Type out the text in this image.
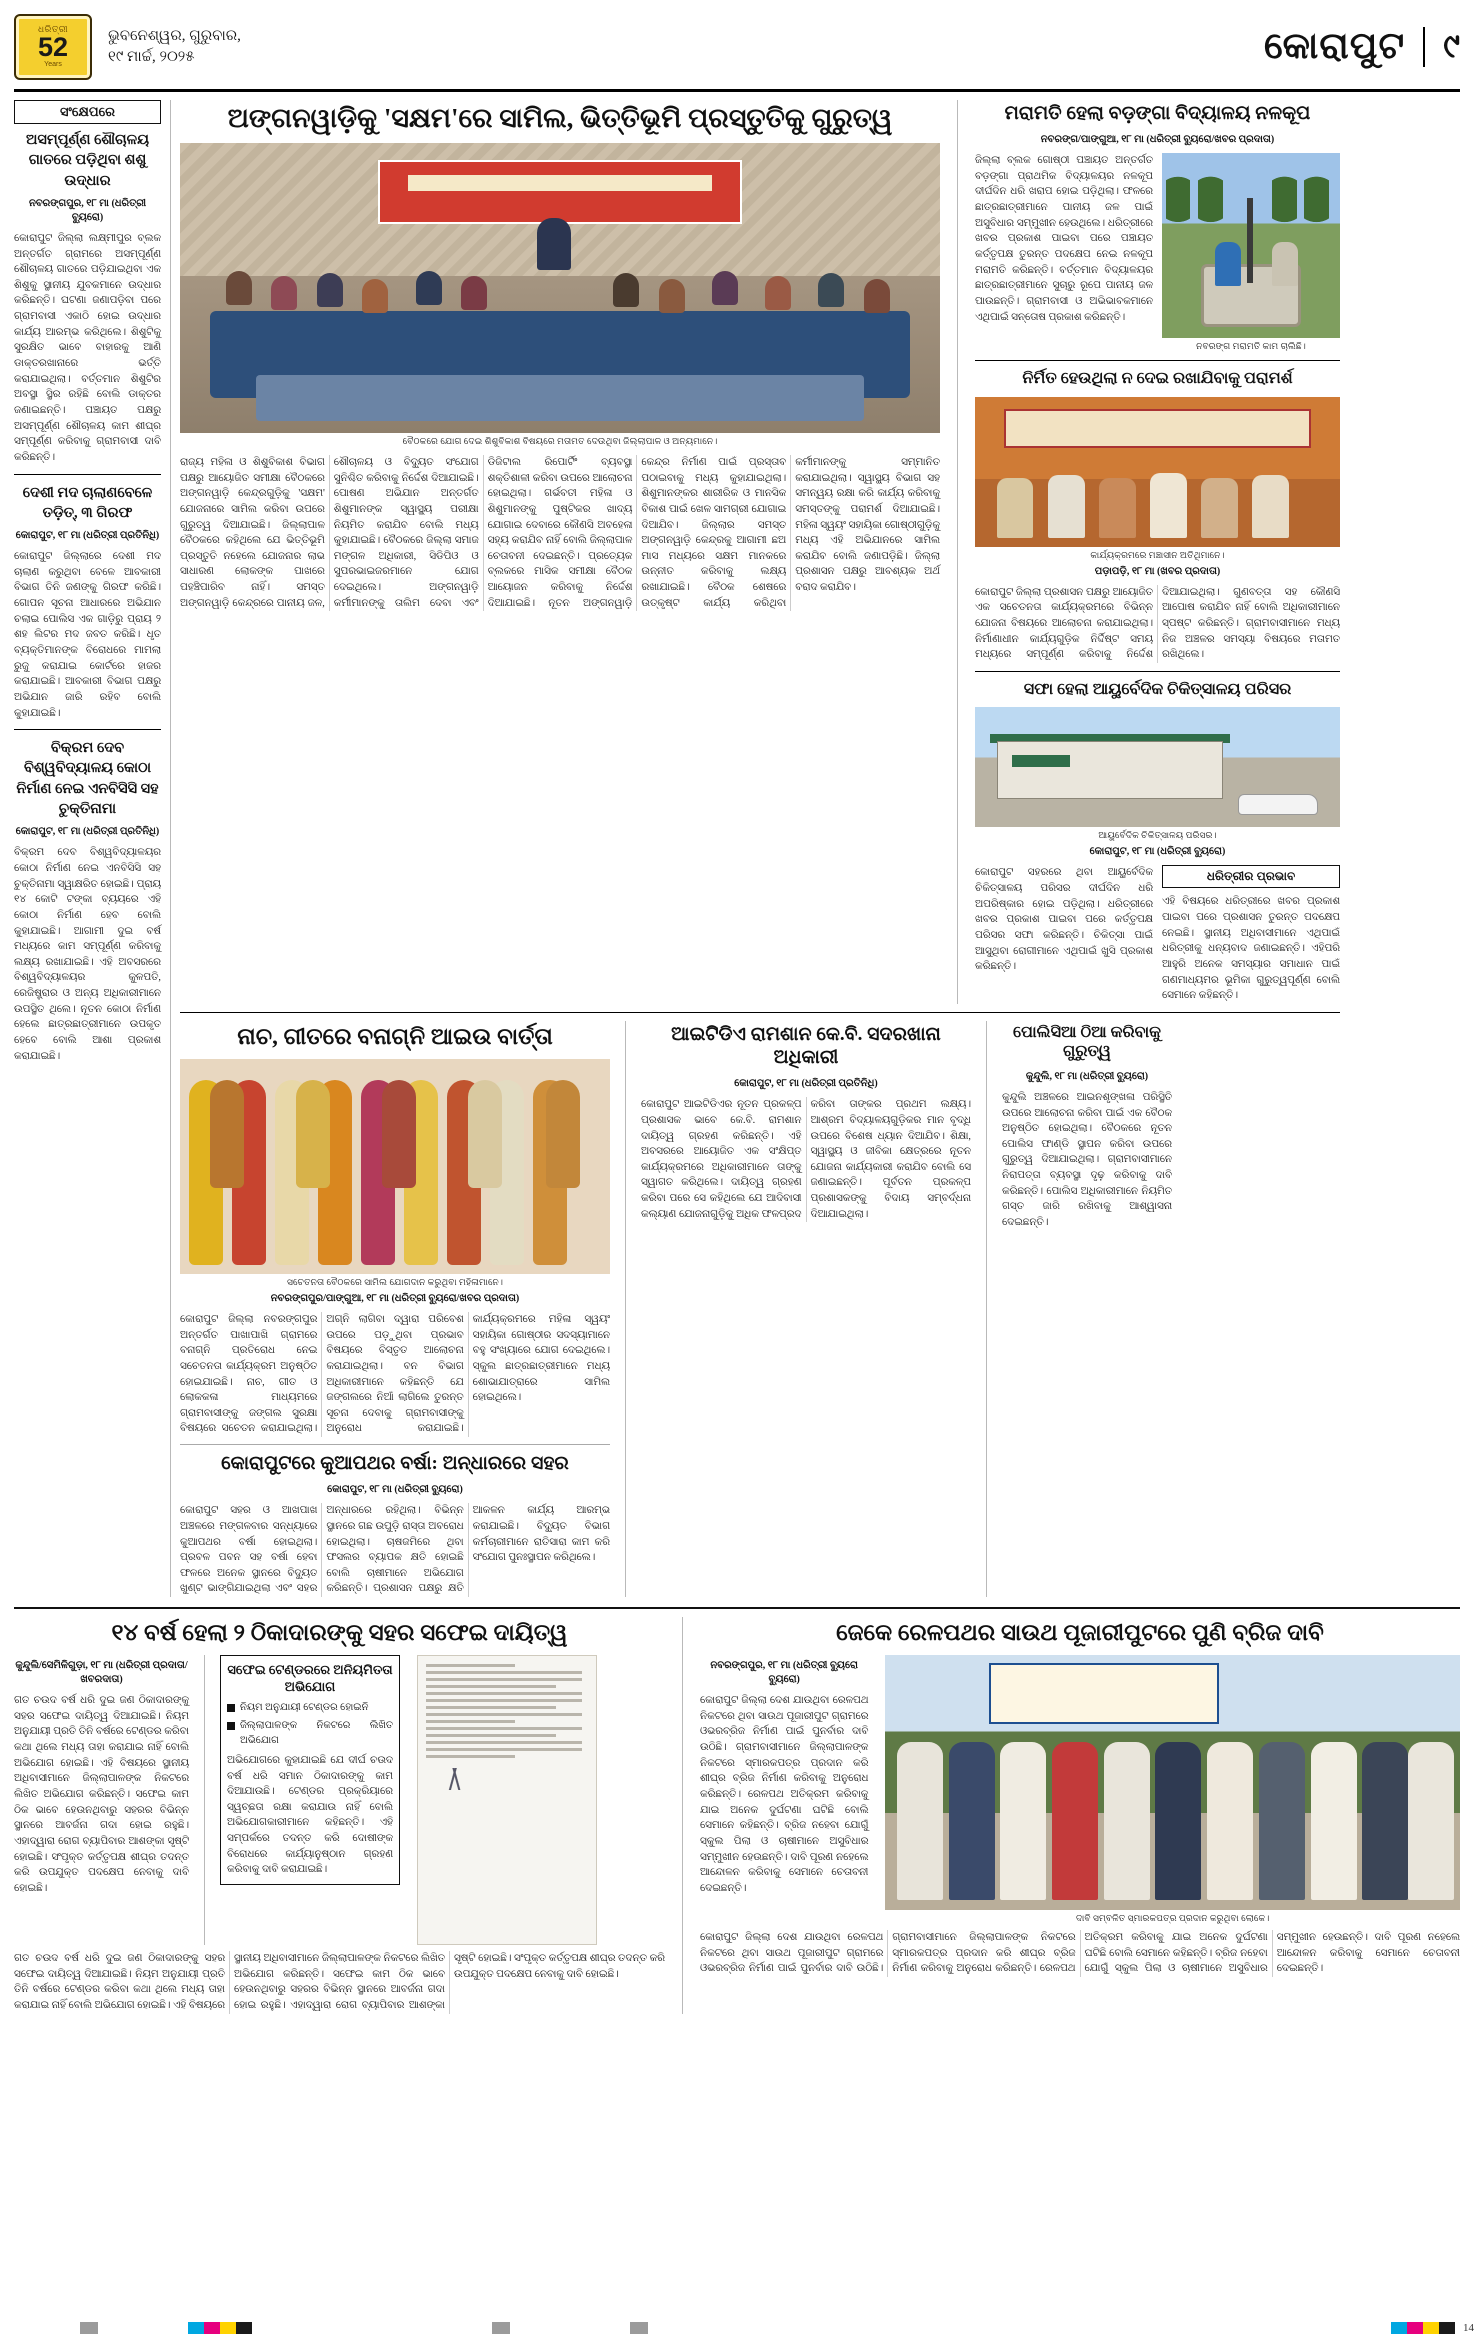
ଧରିତ୍ରୀ
52
Years
ଭୁବନେଶ୍ୱର, ଗୁରୁବାର,
୧୯ ମାର୍ଚ୍ଚ, ୨୦୨୫	କୋରାପୁଟ ୯
ସଂକ୍ଷେପରେ
ଅସମ୍ପୂର୍ଣ୍ଣ ଶୌଚାଳୟ ଗାତରେ ପଡ଼ିଥିବା ଶଶୁ ଉଦ୍ଧାର
ନବରଙ୍ଗପୁର, ୧୮ ମା (ଧରିତ୍ରୀ ବ୍ୟୁରୋ)
କୋରାପୁଟ ଜିଲ୍ଲା ଲକ୍ଷ୍ମୀପୁର ବ୍ଲକ ଅନ୍ତର୍ଗତ ଗ୍ରାମରେ ଅସମ୍ପୂର୍ଣ୍ଣ ଶୌଚାଳୟ ଗାତରେ ପଡ଼ିଯାଇଥିବା ଏକ ଶିଶୁକୁ ସ୍ଥାନୀୟ ଯୁବକମାନେ ଉଦ୍ଧାର କରିଛନ୍ତି। ଘଟଣା ଜଣାପଡ଼ିବା ପରେ ଗ୍ରାମବାସୀ ଏକାଠି ହୋଇ ଉଦ୍ଧାର କାର୍ଯ୍ୟ ଆରମ୍ଭ କରିଥିଲେ। ଶିଶୁଟିକୁ ସୁରକ୍ଷିତ ଭାବେ ବାହାରକୁ ଆଣି ଡାକ୍ତରଖାନାରେ ଭର୍ତ୍ତି କରାଯାଇଥିଲା। ବର୍ତ୍ତମାନ ଶିଶୁଟିର ଅବସ୍ଥା ସ୍ଥିର ରହିଛି ବୋଲି ଡାକ୍ତର ଜଣାଇଛନ୍ତି। ପଞ୍ଚାୟତ ପକ୍ଷରୁ ଅସମ୍ପୂର୍ଣ୍ଣ ଶୌଚାଳୟ କାମ ଶୀଘ୍ର ସମ୍ପୂର୍ଣ୍ଣ କରିବାକୁ ଗ୍ରାମବାସୀ ଦାବି କରିଛନ୍ତି।
ଦେଶୀ ମଦ ଚାଲାଣବେଳେ ତଡ଼ିତ୍, ୩ ଗିରଫ
କୋରାପୁଟ, ୧୮ ମା (ଧରିତ୍ରୀ ପ୍ରତିନିଧି)
କୋରାପୁଟ ଜିଲ୍ଲାରେ ଦେଶୀ ମଦ ଚାଲାଣ କରୁଥିବା ବେଳେ ଆବକାରୀ ବିଭାଗ ତିନି ଜଣଙ୍କୁ ଗିରଫ କରିଛି। ଗୋପନ ସୂଚନା ଆଧାରରେ ଅଭିଯାନ ଚଲାଇ ପୋଲିସ ଏକ ଗାଡ଼ିରୁ ପ୍ରାୟ ୨ ଶହ ଲିଟର ମଦ ଜବତ କରିଛି। ଧୃତ ବ୍ୟକ୍ତିମାନଙ୍କ ବିରୋଧରେ ମାମଲା ରୁଜୁ କରାଯାଇ କୋର୍ଟରେ ହାଜର କରାଯାଇଛି। ଆବକାରୀ ବିଭାଗ ପକ୍ଷରୁ ଅଭିଯାନ ଜାରି ରହିବ ବୋଲି କୁହାଯାଇଛି।
ବିକ୍ରମ ଦେବ ବିଶ୍ୱବିଦ୍ୟାଳୟ କୋଠା ନିର୍ମାଣ ନେଇ ଏନବିସିସି ସହ ଚୁକ୍ତିନାମା
କୋରାପୁଟ, ୧୮ ମା (ଧରିତ୍ରୀ ପ୍ରତିନିଧି)
ବିକ୍ରମ ଦେବ ବିଶ୍ୱବିଦ୍ୟାଳୟର କୋଠା ନିର୍ମାଣ ନେଇ ଏନବିସିସି ସହ ଚୁକ୍ତିନାମା ସ୍ୱାକ୍ଷରିତ ହୋଇଛି। ପ୍ରାୟ ୧୪ କୋଟି ଟଙ୍କା ବ୍ୟୟରେ ଏହି କୋଠା ନିର୍ମାଣ ହେବ ବୋଲି କୁହାଯାଇଛି। ଆଗାମୀ ଦୁଇ ବର୍ଷ ମଧ୍ୟରେ କାମ ସମ୍ପୂର୍ଣ୍ଣ କରିବାକୁ ଲକ୍ଷ୍ୟ ରଖାଯାଇଛି। ଏହି ଅବସରରେ ବିଶ୍ୱବିଦ୍ୟାଳୟର କୁଳପତି, ରେଜିଷ୍ଟ୍ରାର ଓ ଅନ୍ୟ ଅଧିକାରୀମାନେ ଉପସ୍ଥିତ ଥିଲେ। ନୂତନ କୋଠା ନିର୍ମାଣ ହେଲେ ଛାତ୍ରଛାତ୍ରୀମାନେ ଉପକୃତ ହେବେ ବୋଲି ଆଶା ପ୍ରକାଶ କରାଯାଇଛି।
ଅଙ୍ଗନୱାଡ଼ିକୁ 'ସକ୍ଷମ'ରେ ସାମିଲ, ଭିତ୍ତିଭୂମି ପ୍ରସ୍ତୁତିକୁ ଗୁରୁତ୍ୱ
ବୈଠକରେ ଯୋଗ ଦେଇ ଶିଶୁବିକାଶ ବିଷୟରେ ମତାମତ ଦେଉଥିବା ଜିଲ୍ଲାପାଳ ଓ ଅନ୍ୟମାନେ।
ରାଜ୍ୟ ମହିଳା ଓ ଶିଶୁବିକାଶ ବିଭାଗ ପକ୍ଷରୁ ଆୟୋଜିତ ସମୀକ୍ଷା ବୈଠକରେ ଅଙ୍ଗନୱାଡ଼ି କେନ୍ଦ୍ରଗୁଡ଼ିକୁ 'ସକ୍ଷମ' ଯୋଜନାରେ ସାମିଲ କରିବା ଉପରେ ଗୁରୁତ୍ୱ ଦିଆଯାଇଛି। ଜିଲ୍ଲାପାଳ ବୈଠକରେ କହିଥିଲେ ଯେ ଭିତ୍ତିଭୂମି ପ୍ରସ୍ତୁତି ନହେଲେ ଯୋଜନାର ଲାଭ ସାଧାରଣ ଲୋକଙ୍କ ପାଖରେ ପହଞ୍ଚିପାରିବ ନାହିଁ। ସମସ୍ତ ଅଙ୍ଗନୱାଡ଼ି କେନ୍ଦ୍ରରେ ପାନୀୟ ଜଳ, ଶୌଚାଳୟ ଓ ବିଦ୍ୟୁତ ସଂଯୋଗ ସୁନିଶ୍ଚିତ କରିବାକୁ ନିର୍ଦ୍ଦେଶ ଦିଆଯାଇଛି। ପୋଷଣ ଅଭିଯାନ ଅନ୍ତର୍ଗତ ଶିଶୁମାନଙ୍କ ସ୍ୱାସ୍ଥ୍ୟ ପରୀକ୍ଷା ନିୟମିତ କରାଯିବ ବୋଲି ମଧ୍ୟ କୁହାଯାଇଛି। ବୈଠକରେ ଜିଲ୍ଲା ସମାଜ ମଙ୍ଗଳ ଅଧିକାରୀ, ସିଡିପିଓ ଓ ସୁପରଭାଇଜରମାନେ ଯୋଗ ଦେଇଥିଲେ। ଅଙ୍ଗନୱାଡ଼ି କର୍ମୀମାନଙ୍କୁ ତାଲିମ ଦେବା ଏବଂ ଡିଜିଟାଲ ରିପୋର୍ଟିଂ ବ୍ୟବସ୍ଥା ଶକ୍ତିଶାଳୀ କରିବା ଉପରେ ଆଲୋଚନା ହୋଇଥିଲା। ଗର୍ଭବତୀ ମହିଳା ଓ ଶିଶୁମାନଙ୍କୁ ପୁଷ୍ଟିକର ଖାଦ୍ୟ ଯୋଗାଇ ଦେବାରେ କୌଣସି ଅବହେଳା ସହ୍ୟ କରାଯିବ ନାହିଁ ବୋଲି ଜିଲ୍ଲାପାଳ ଚେତାବନୀ ଦେଇଛନ୍ତି। ପ୍ରତ୍ୟେକ ବ୍ଲକରେ ମାସିକ ସମୀକ୍ଷା ବୈଠକ ଆୟୋଜନ କରିବାକୁ ନିର୍ଦ୍ଦେଶ ଦିଆଯାଇଛି। ନୂତନ ଅଙ୍ଗନୱାଡ଼ି କେନ୍ଦ୍ର ନିର୍ମାଣ ପାଇଁ ପ୍ରସ୍ତାବ ପଠାଇବାକୁ ମଧ୍ୟ କୁହାଯାଇଥିଲା। ଶିଶୁମାନଙ୍କର ଶାରୀରିକ ଓ ମାନସିକ ବିକାଶ ପାଇଁ ଖେଳ ସାମଗ୍ରୀ ଯୋଗାଇ ଦିଆଯିବ। ଜିଲ୍ଲାର ସମସ୍ତ ଅଙ୍ଗନୱାଡ଼ି କେନ୍ଦ୍ରକୁ ଆଗାମୀ ଛଅ ମାସ ମଧ୍ୟରେ ସକ୍ଷମ ମାନକରେ ଉନ୍ନୀତ କରିବାକୁ ଲକ୍ଷ୍ୟ ରଖାଯାଇଛି। ବୈଠକ ଶେଷରେ ଉତ୍କୃଷ୍ଟ କାର୍ଯ୍ୟ କରିଥିବା କର୍ମୀମାନଙ୍କୁ ସମ୍ମାନିତ କରାଯାଇଥିଲା। ସ୍ୱାସ୍ଥ୍ୟ ବିଭାଗ ସହ ସମନ୍ୱୟ ରକ୍ଷା କରି କାର୍ଯ୍ୟ କରିବାକୁ ସମସ୍ତଙ୍କୁ ପରାମର୍ଶ ଦିଆଯାଇଛି। ମହିଳା ସ୍ୱୟଂ ସହାୟିକା ଗୋଷ୍ଠୀଗୁଡ଼ିକୁ ମଧ୍ୟ ଏହି ଅଭିଯାନରେ ସାମିଲ କରାଯିବ ବୋଲି ଜଣାପଡ଼ିଛି। ଜିଲ୍ଲା ପ୍ରଶାସନ ପକ୍ଷରୁ ଆବଶ୍ୟକ ଅର୍ଥ ବରାଦ କରାଯିବ।
ମରାମତି ହେଲା ବଡ଼ଙ୍ଗା ବିଦ୍ୟାଳୟ ନଳକୂପ
ନବରଙ୍ଗ/ପାଙ୍ଗୁଆ, ୧୮ ମା (ଧରିତ୍ରୀ ବ୍ୟୁରୋ/ଖବର ପ୍ରଦାତା)
ଜିଲ୍ଲା ବ୍ଲକ ଗୋଷ୍ଠୀ ପଞ୍ଚାୟତ ଅନ୍ତର୍ଗତ ବଡ଼ଙ୍ଗା ପ୍ରାଥମିକ ବିଦ୍ୟାଳୟର ନଳକୂପ ଦୀର୍ଘଦିନ ଧରି ଖରାପ ହୋଇ ପଡ଼ିଥିଲା। ଫଳରେ ଛାତ୍ରଛାତ୍ରୀମାନେ ପାନୀୟ ଜଳ ପାଇଁ ଅସୁବିଧାର ସମ୍ମୁଖୀନ ହେଉଥିଲେ। ଧରିତ୍ରୀରେ ଖବର ପ୍ରକାଶ ପାଇବା ପରେ ପଞ୍ଚାୟତ କର୍ତ୍ତୃପକ୍ଷ ତୁରନ୍ତ ପଦକ୍ଷେପ ନେଇ ନଳକୂପ ମରାମତି କରିଛନ୍ତି। ବର୍ତ୍ତମାନ ବିଦ୍ୟାଳୟର ଛାତ୍ରଛାତ୍ରୀମାନେ ସୁଚାରୁ ରୂପେ ପାନୀୟ ଜଳ ପାଉଛନ୍ତି। ଗ୍ରାମବାସୀ ଓ ଅଭିଭାବକମାନେ ଏଥିପାଇଁ ସନ୍ତୋଷ ପ୍ରକାଶ କରିଛନ୍ତି।
ନବରଙ୍ଗ ମରାମତି କାମ ଚାଲିଛି।
ନିର୍ମିତ ହେଉଥିଲା ନ ଦେଇ ରଖାଯିବାକୁ ପରାମର୍ଶ
କାର୍ଯ୍ୟକ୍ରମରେ ମଞ୍ଚାସୀନ ଅତିଥିମାନେ।
ପଡ଼ାପଡ଼ି, ୧୮ ମା (ଖବର ପ୍ରଦାତା)
କୋରାପୁଟ ଜିଲ୍ଲା ପ୍ରଶାସନ ପକ୍ଷରୁ ଆୟୋଜିତ ଏକ ସଚେତନତା କାର୍ଯ୍ୟକ୍ରମରେ ବିଭିନ୍ନ ଯୋଜନା ବିଷୟରେ ଆଲୋଚନା କରାଯାଇଥିଲା। ନିର୍ମାଣାଧୀନ କାର୍ଯ୍ୟଗୁଡ଼ିକ ନିର୍ଦ୍ଦିଷ୍ଟ ସମୟ ମଧ୍ୟରେ ସମ୍ପୂର୍ଣ୍ଣ କରିବାକୁ ନିର୍ଦ୍ଦେଶ ଦିଆଯାଇଥିଲା। ଗୁଣବତ୍ତା ସହ କୌଣସି ଆପୋଷ କରାଯିବ ନାହିଁ ବୋଲି ଅଧିକାରୀମାନେ ସ୍ପଷ୍ଟ କରିଛନ୍ତି। ଗ୍ରାମବାସୀମାନେ ମଧ୍ୟ ନିଜ ଅଞ୍ଚଳର ସମସ୍ୟା ବିଷୟରେ ମତାମତ ରଖିଥିଲେ।
ସଫା ହେଲା ଆୟୁର୍ବେଦିକ ଚିକିତ୍ସାଳୟ ପରିସର
ଆୟୁର୍ବେଦିକ ଚିକିତ୍ସାଳୟ ପରିସର।
କୋରାପୁଟ, ୧୮ ମା (ଧରିତ୍ରୀ ବ୍ୟୁରୋ)
କୋରାପୁଟ ସହରରେ ଥିବା ଆୟୁର୍ବେଦିକ ଚିକିତ୍ସାଳୟ ପରିସର ଦୀର୍ଘଦିନ ଧରି ଅପରିଷ୍କାର ହୋଇ ପଡ଼ିଥିଲା। ଧରିତ୍ରୀରେ ଖବର ପ୍ରକାଶ ପାଇବା ପରେ କର୍ତ୍ତୃପକ୍ଷ ପରିସର ସଫା କରିଛନ୍ତି। ଚିକିତ୍ସା ପାଇଁ ଆସୁଥିବା ରୋଗୀମାନେ ଏଥିପାଇଁ ଖୁସି ପ୍ରକାଶ କରିଛନ୍ତି।
ଧରିତ୍ରୀର ପ୍ରଭାବ
ଏହି ବିଷୟରେ ଧରିତ୍ରୀରେ ଖବର ପ୍ରକାଶ ପାଇବା ପରେ ପ୍ରଶାସନ ତୁରନ୍ତ ପଦକ୍ଷେପ ନେଇଛି। ସ୍ଥାନୀୟ ଅଧିବାସୀମାନେ ଏଥିପାଇଁ ଧରିତ୍ରୀକୁ ଧନ୍ୟବାଦ ଜଣାଇଛନ୍ତି। ଏହିପରି ଆହୁରି ଅନେକ ସମସ୍ୟାର ସମାଧାନ ପାଇଁ ଗଣମାଧ୍ୟମର ଭୂମିକା ଗୁରୁତ୍ୱପୂର୍ଣ୍ଣ ବୋଲି ସେମାନେ କହିଛନ୍ତି।
ନାଚ, ଗୀତରେ ବନାଗ୍ନି ଆଇଉ ବାର୍ତ୍ତା
ସଚେତନତା ବୈଠକରେ ସାମିଲ ଯୋଗଦାନ କରୁଥିବା ମହିଳାମାନେ।
ନବରଙ୍ଗପୁର/ପାଙ୍ଗୁଆ, ୧୮ ମା (ଧରିତ୍ରୀ ବ୍ୟୁରୋ/ଖବର ପ୍ରଦାତା)
କୋରାପୁଟ ଜିଲ୍ଲା ନବରଙ୍ଗପୁର ଅନ୍ତର୍ଗତ ପାଖାପାଖି ଗ୍ରାମରେ ବନାଗ୍ନି ପ୍ରତିରୋଧ ନେଇ ସଚେତନତା କାର୍ଯ୍ୟକ୍ରମ ଅନୁଷ୍ଠିତ ହୋଇଯାଇଛି। ନାଚ, ଗୀତ ଓ ଲୋକକଳା ମାଧ୍ୟମରେ ଗ୍ରାମବାସୀଙ୍କୁ ଜଙ୍ଗଲ ସୁରକ୍ଷା ବିଷୟରେ ସଚେତନ କରାଯାଇଥିଲା। ଅଗ୍ନି ଲାଗିବା ଦ୍ୱାରା ପରିବେଶ ଉପରେ ପଡ଼ୁଥିବା ପ୍ରଭାବ ବିଷୟରେ ବିସ୍ତୃତ ଆଲୋଚନା କରାଯାଇଥିଲା। ବନ ବିଭାଗ ଅଧିକାରୀମାନେ କହିଛନ୍ତି ଯେ ଜଙ୍ଗଲରେ ନିଆଁ ଲାଗିଲେ ତୁରନ୍ତ ସୂଚନା ଦେବାକୁ ଗ୍ରାମବାସୀଙ୍କୁ ଅନୁରୋଧ କରାଯାଇଛି। କାର୍ଯ୍ୟକ୍ରମରେ ମହିଳା ସ୍ୱୟଂ ସହାୟିକା ଗୋଷ୍ଠୀର ସଦସ୍ୟାମାନେ ବହୁ ସଂଖ୍ୟାରେ ଯୋଗ ଦେଇଥିଲେ। ସ୍କୁଲ ଛାତ୍ରଛାତ୍ରୀମାନେ ମଧ୍ୟ ଶୋଭାଯାତ୍ରାରେ ସାମିଲ ହୋଇଥିଲେ।
କୋରାପୁଟରେ କୁଆପଥର ବର୍ଷା: ଅନ୍ଧାରରେ ସହର
କୋରାପୁଟ, ୧୮ ମା (ଧରିତ୍ରୀ ବ୍ୟୁରୋ)
କୋରାପୁଟ ସହର ଓ ଆଖପାଖ ଅଞ୍ଚଳରେ ମଙ୍ଗଳବାର ସନ୍ଧ୍ୟାରେ କୁଆପଥର ବର୍ଷା ହୋଇଥିଲା। ପ୍ରବଳ ପବନ ସହ ବର୍ଷା ହେବା ଫଳରେ ଅନେକ ସ୍ଥାନରେ ବିଦ୍ୟୁତ ଖୁଣ୍ଟ ଭାଙ୍ଗିଯାଇଥିଲା ଏବଂ ସହର ଅନ୍ଧାରରେ ରହିଥିଲା। ବିଭିନ୍ନ ସ୍ଥାନରେ ଗଛ ଉପୁଡ଼ି ରାସ୍ତା ଅବରୋଧ ହୋଇଥିଲା। ଚାଷଜମିରେ ଥିବା ଫସଲର ବ୍ୟାପକ କ୍ଷତି ହୋଇଛି ବୋଲି ଚାଷୀମାନେ ଅଭିଯୋଗ କରିଛନ୍ତି। ପ୍ରଶାସନ ପକ୍ଷରୁ କ୍ଷତି ଆକଳନ କାର୍ଯ୍ୟ ଆରମ୍ଭ କରାଯାଇଛି। ବିଦ୍ୟୁତ ବିଭାଗ କର୍ମଚାରୀମାନେ ରାତିସାରା କାମ କରି ସଂଯୋଗ ପୁନଃସ୍ଥାପନ କରିଥିଲେ।
ଆଇଟିଡିଏ ରାମଶାନ କେ.ବି. ସଦରଖାନା ଅଧିକାରୀ
କୋରାପୁଟ, ୧୮ ମା (ଧରିତ୍ରୀ ପ୍ରତିନିଧି)
କୋରାପୁଟ ଆଇଟିଡିଏର ନୂତନ ପ୍ରକଳ୍ପ ପ୍ରଶାସକ ଭାବେ କେ.ବି. ରାମଶାନ ଦାୟିତ୍ୱ ଗ୍ରହଣ କରିଛନ୍ତି। ଏହି ଅବସରରେ ଆୟୋଜିତ ଏକ ସଂକ୍ଷିପ୍ତ କାର୍ଯ୍ୟକ୍ରମରେ ଅଧିକାରୀମାନେ ତାଙ୍କୁ ସ୍ୱାଗତ କରିଥିଲେ। ଦାୟିତ୍ୱ ଗ୍ରହଣ କରିବା ପରେ ସେ କହିଥିଲେ ଯେ ଆଦିବାସୀ କଲ୍ୟାଣ ଯୋଜନାଗୁଡ଼ିକୁ ଅଧିକ ଫଳପ୍ରଦ କରିବା ତାଙ୍କର ପ୍ରଥମ ଲକ୍ଷ୍ୟ। ଆଶ୍ରମ ବିଦ୍ୟାଳୟଗୁଡ଼ିକର ମାନ ବୃଦ୍ଧି ଉପରେ ବିଶେଷ ଧ୍ୟାନ ଦିଆଯିବ। ଶିକ୍ଷା, ସ୍ୱାସ୍ଥ୍ୟ ଓ ଜୀବିକା କ୍ଷେତ୍ରରେ ନୂତନ ଯୋଜନା କାର୍ଯ୍ୟକାରୀ କରାଯିବ ବୋଲି ସେ ଜଣାଇଛନ୍ତି। ପୂର୍ବତନ ପ୍ରକଳ୍ପ ପ୍ରଶାସକଙ୍କୁ ବିଦାୟ ସମ୍ବର୍ଦ୍ଧନା ଦିଆଯାଇଥିଲା।
ପୋଲିସିଆ ଠିଆ କରିବାକୁ ଗୁରୁତ୍ୱ
କୁନ୍ଦୁଲି, ୧୮ ମା (ଧରିତ୍ରୀ ବ୍ୟୁରୋ)
କୁନ୍ଦୁଲି ଅଞ୍ଚଳରେ ଆଇନଶୃଙ୍ଖଳା ପରିସ୍ଥିତି ଉପରେ ଆଲୋଚନା କରିବା ପାଇଁ ଏକ ବୈଠକ ଅନୁଷ୍ଠିତ ହୋଇଥିଲା। ବୈଠକରେ ନୂତନ ପୋଲିସ ଫାଣ୍ଡି ସ୍ଥାପନ କରିବା ଉପରେ ଗୁରୁତ୍ୱ ଦିଆଯାଇଥିଲା। ଗ୍ରାମବାସୀମାନେ ନିରାପତ୍ତା ବ୍ୟବସ୍ଥା ଦୃଢ଼ କରିବାକୁ ଦାବି କରିଛନ୍ତି। ପୋଲିସ ଅଧିକାରୀମାନେ ନିୟମିତ ଗସ୍ତ ଜାରି ରଖିବାକୁ ଆଶ୍ୱାସନା ଦେଇଛନ୍ତି।
୧୪ ବର୍ଷ ହେଲା ୨ ଠିକାଦାରଙ୍କୁ ସହର ସଫେଇ ଦାୟିତ୍ୱ
କୁନ୍ଦୁଲି/ସେମିଳିଗୁଡ଼ା, ୧୮ ମା (ଧରିତ୍ରୀ ପ୍ରଦାତା/ଖବରଦାତା)
ଗତ ଚଉଦ ବର୍ଷ ଧରି ଦୁଇ ଜଣ ଠିକାଦାରଙ୍କୁ ସହର ସଫେଇ ଦାୟିତ୍ୱ ଦିଆଯାଇଛି। ନିୟମ ଅନୁଯାୟୀ ପ୍ରତି ତିନି ବର୍ଷରେ ଟେଣ୍ଡର କରିବା କଥା ଥିଲେ ମଧ୍ୟ ତାହା କରାଯାଇ ନାହିଁ ବୋଲି ଅଭିଯୋଗ ହୋଇଛି। ଏହି ବିଷୟରେ ସ୍ଥାନୀୟ ଅଧିବାସୀମାନେ ଜିଲ୍ଲାପାଳଙ୍କ ନିକଟରେ ଲିଖିତ ଅଭିଯୋଗ କରିଛନ୍ତି। ସଫେଇ କାମ ଠିକ ଭାବେ ହେଉନଥିବାରୁ ସହରର ବିଭିନ୍ନ ସ୍ଥାନରେ ଆବର୍ଜନା ଗଦା ହୋଇ ରହୁଛି। ଏହାଦ୍ୱାରା ରୋଗ ବ୍ୟାପିବାର ଆଶଙ୍କା ସୃଷ୍ଟି ହୋଇଛି। ସଂପୃକ୍ତ କର୍ତ୍ତୃପକ୍ଷ ଶୀଘ୍ର ତଦନ୍ତ କରି ଉପଯୁକ୍ତ ପଦକ୍ଷେପ ନେବାକୁ ଦାବି ହୋଇଛି।
ସଫେଇ ଟେଣ୍ଡରରେ ଅନିୟମିତତା ଅଭିଯୋଗ
ନିୟମ ଅନୁଯାୟୀ ଟେଣ୍ଡର ହୋଇନି
ଜିଲ୍ଲାପାଳଙ୍କ ନିକଟରେ ଲିଖିତ ଅଭିଯୋଗ
ଅଭିଯୋଗରେ କୁହାଯାଇଛି ଯେ ଦୀର୍ଘ ଚଉଦ ବର୍ଷ ଧରି ସମାନ ଠିକାଦାରଙ୍କୁ କାମ ଦିଆଯାଉଛି। ଟେଣ୍ଡର ପ୍ରକ୍ରିୟାରେ ସ୍ୱଚ୍ଛତା ରକ୍ଷା କରାଯାଉ ନାହିଁ ବୋଲି ଅଭିଯୋଗକାରୀମାନେ କହିଛନ୍ତି। ଏହି ସମ୍ପର୍କରେ ତଦନ୍ତ କରି ଦୋଷୀଙ୍କ ବିରୋଧରେ କାର୍ଯ୍ୟାନୁଷ୍ଠାନ ଗ୍ରହଣ କରିବାକୁ ଦାବି କରାଯାଇଛି।
ଗତ ଚଉଦ ବର୍ଷ ଧରି ଦୁଇ ଜଣ ଠିକାଦାରଙ୍କୁ ସହର ସଫେଇ ଦାୟିତ୍ୱ ଦିଆଯାଇଛି। ନିୟମ ଅନୁଯାୟୀ ପ୍ରତି ତିନି ବର୍ଷରେ ଟେଣ୍ଡର କରିବା କଥା ଥିଲେ ମଧ୍ୟ ତାହା କରାଯାଇ ନାହିଁ ବୋଲି ଅଭିଯୋଗ ହୋଇଛି। ଏହି ବିଷୟରେ ସ୍ଥାନୀୟ ଅଧିବାସୀମାନେ ଜିଲ୍ଲାପାଳଙ୍କ ନିକଟରେ ଲିଖିତ ଅଭିଯୋଗ କରିଛନ୍ତି। ସଫେଇ କାମ ଠିକ ଭାବେ ହେଉନଥିବାରୁ ସହରର ବିଭିନ୍ନ ସ୍ଥାନରେ ଆବର୍ଜନା ଗଦା ହୋଇ ରହୁଛି। ଏହାଦ୍ୱାରା ରୋଗ ବ୍ୟାପିବାର ଆଶଙ୍କା ସୃଷ୍ଟି ହୋଇଛି। ସଂପୃକ୍ତ କର୍ତ୍ତୃପକ୍ଷ ଶୀଘ୍ର ତଦନ୍ତ କରି ଉପଯୁକ୍ତ ପଦକ୍ଷେପ ନେବାକୁ ଦାବି ହୋଇଛି।
ଜେକେ ରେଳପଥର ସାଉଥ ପୂଜାରୀପୁଟରେ ପୁଣି ବ୍ରିଜ ଦାବି
ନବରଙ୍ଗପୁର, ୧୮ ମା (ଧରିତ୍ରୀ ବ୍ୟୁରୋ ବ୍ୟୁରୋ)
କୋରାପୁଟ ଜିଲ୍ଲା ଦେଶ ଯାଉଥିବା ରେଳପଥ ନିକଟରେ ଥିବା ସାଉଥ ପୂଜାରୀପୁଟ ଗ୍ରାମରେ ଓଭରବ୍ରିଜ ନିର୍ମାଣ ପାଇଁ ପୁନର୍ବାର ଦାବି ଉଠିଛି। ଗ୍ରାମବାସୀମାନେ ଜିଲ୍ଲାପାଳଙ୍କ ନିକଟରେ ସ୍ମାରକପତ୍ର ପ୍ରଦାନ କରି ଶୀଘ୍ର ବ୍ରିଜ ନିର୍ମାଣ କରିବାକୁ ଅନୁରୋଧ କରିଛନ୍ତି। ରେଳପଥ ଅତିକ୍ରମ କରିବାକୁ ଯାଇ ଅନେକ ଦୁର୍ଘଟଣା ଘଟିଛି ବୋଲି ସେମାନେ କହିଛନ୍ତି। ବ୍ରିଜ ନହେବା ଯୋଗୁଁ ସ୍କୁଲ ପିଲା ଓ ଚାଷୀମାନେ ଅସୁବିଧାର ସମ୍ମୁଖୀନ ହେଉଛନ୍ତି। ଦାବି ପୂରଣ ନହେଲେ ଆନ୍ଦୋଳନ କରିବାକୁ ସେମାନେ ଚେତାବନୀ ଦେଇଛନ୍ତି।
ଦାବି ସମ୍ବଳିତ ସ୍ମାରକପତ୍ର ପ୍ରଦାନ କରୁଥିବା ଲୋକେ।
କୋରାପୁଟ ଜିଲ୍ଲା ଦେଶ ଯାଉଥିବା ରେଳପଥ ନିକଟରେ ଥିବା ସାଉଥ ପୂଜାରୀପୁଟ ଗ୍ରାମରେ ଓଭରବ୍ରିଜ ନିର୍ମାଣ ପାଇଁ ପୁନର୍ବାର ଦାବି ଉଠିଛି। ଗ୍ରାମବାସୀମାନେ ଜିଲ୍ଲାପାଳଙ୍କ ନିକଟରେ ସ୍ମାରକପତ୍ର ପ୍ରଦାନ କରି ଶୀଘ୍ର ବ୍ରିଜ ନିର୍ମାଣ କରିବାକୁ ଅନୁରୋଧ କରିଛନ୍ତି। ରେଳପଥ ଅତିକ୍ରମ କରିବାକୁ ଯାଇ ଅନେକ ଦୁର୍ଘଟଣା ଘଟିଛି ବୋଲି ସେମାନେ କହିଛନ୍ତି। ବ୍ରିଜ ନହେବା ଯୋଗୁଁ ସ୍କୁଲ ପିଲା ଓ ଚାଷୀମାନେ ଅସୁବିଧାର ସମ୍ମୁଖୀନ ହେଉଛନ୍ତି। ଦାବି ପୂରଣ ନହେଲେ ଆନ୍ଦୋଳନ କରିବାକୁ ସେମାନେ ଚେତାବନୀ ଦେଇଛନ୍ତି।
14
